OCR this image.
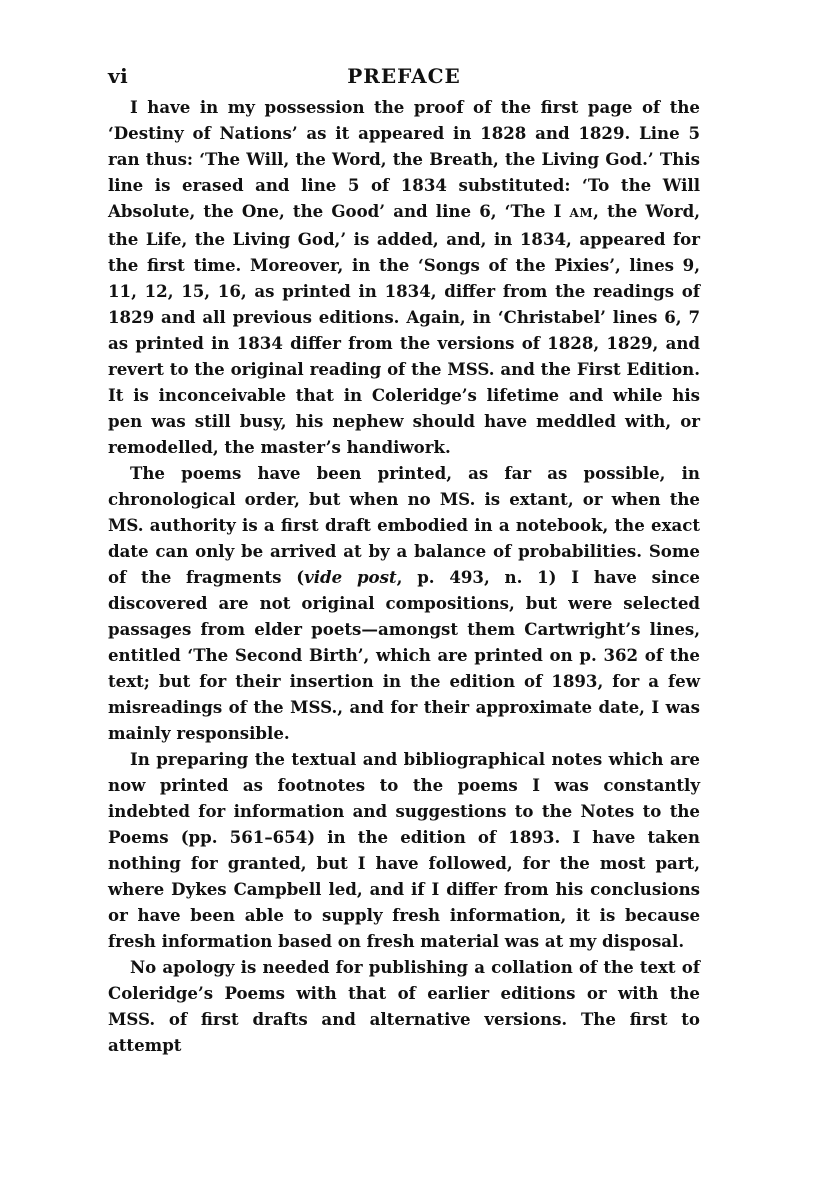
vi	PREFACE

I have in my possession the proof of the first page of the ‘Destiny of Nations’ as it appeared in 1828 and 1829. Line 5 ran thus: ‘The Will, the Word, the Breath, the Living God.’ This line is erased and line 5 of 1834 substituted: ‘To the Will Absolute, the One, the Good’ and line 6, ‘The I AM, the Word, the Life, the Living God,’ is added, and, in 1834, appeared for the first time. Moreover, in the ‘Songs of the Pixies’, lines 9, 11, 12, 15, 16, as printed in 1834, differ from the readings of 1829 and all previous editions. Again, in ‘Christabel’ lines 6, 7 as printed in 1834 differ from the versions of 1828, 1829, and revert to the original reading of the MSS. and the First Edition. It is inconceivable that in Coleridge’s lifetime and while his pen was still busy, his nephew should have meddled with, or remodelled, the master’s handiwork.

The poems have been printed, as far as possible, in chronological order, but when no MS. is extant, or when the MS. authority is a first draft embodied in a notebook, the exact date can only be arrived at by a balance of probabilities. Some of the fragments (vide post, p. 493, n. 1) I have since discovered are not original compositions, but were selected passages from elder poets—amongst them Cartwright’s lines, entitled ‘The Second Birth’, which are printed on p. 362 of the text; but for their insertion in the edition of 1893, for a few misreadings of the MSS., and for their approximate date, I was mainly responsible.

In preparing the textual and bibliographical notes which are now printed as footnotes to the poems I was constantly indebted for information and suggestions to the Notes to the Poems (pp. 561–654) in the edition of 1893. I have taken nothing for granted, but I have followed, for the most part, where Dykes Campbell led, and if I differ from his conclusions or have been able to supply fresh information, it is because fresh information based on fresh material was at my disposal.

No apology is needed for publishing a collation of the text of Coleridge’s Poems with that of earlier editions or with the MSS. of first drafts and alternative versions. The first to attempt
